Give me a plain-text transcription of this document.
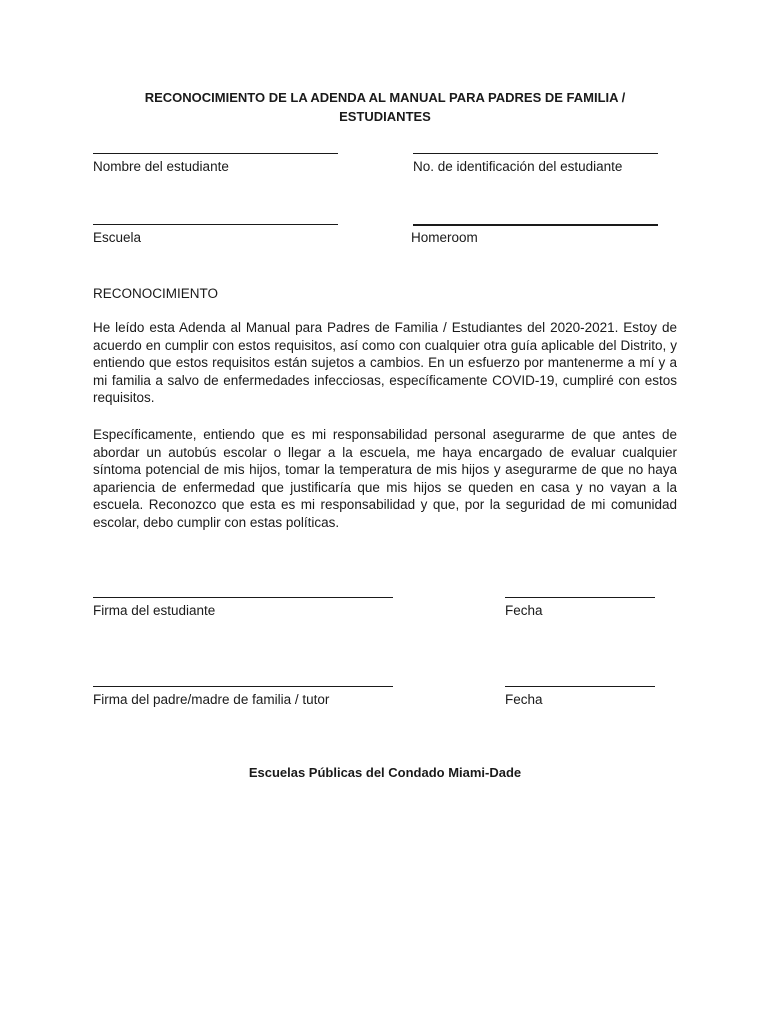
RECONOCIMIENTO DE LA ADENDA AL MANUAL PARA PADRES DE FAMILIA /
ESTUDIANTES
Nombre del estudiante	No. de identificación del estudiante
Escuela	Homeroom
RECONOCIMIENTO

He leído esta Adenda al Manual para Padres de Familia / Estudiantes del 2020-2021. Estoy de acuerdo en cumplir con estos requisitos, así como con cualquier otra guía aplicable del Distrito, y entiendo que estos requisitos están sujetos a cambios. En un esfuerzo por mantenerme a mí y a mi familia a salvo de enfermedades infecciosas, específicamente COVID-19, cumpliré con estos requisitos.

Específicamente, entiendo que es mi responsabilidad personal asegurarme de que antes de abordar un autobús escolar o llegar a la escuela, me haya encargado de evaluar cualquier síntoma potencial de mis hijos, tomar la temperatura de mis hijos y asegurarme de que no haya apariencia de enfermedad que justificaría que mis hijos se queden en casa y no vayan a la escuela. Reconozco que esta es mi responsabilidad y que, por la seguridad de mi comunidad escolar, debo cumplir con estas políticas.

Firma del estudiante	Fecha
Firma del padre/madre de familia / tutor	Fecha
Escuelas Públicas del Condado Miami-Dade
